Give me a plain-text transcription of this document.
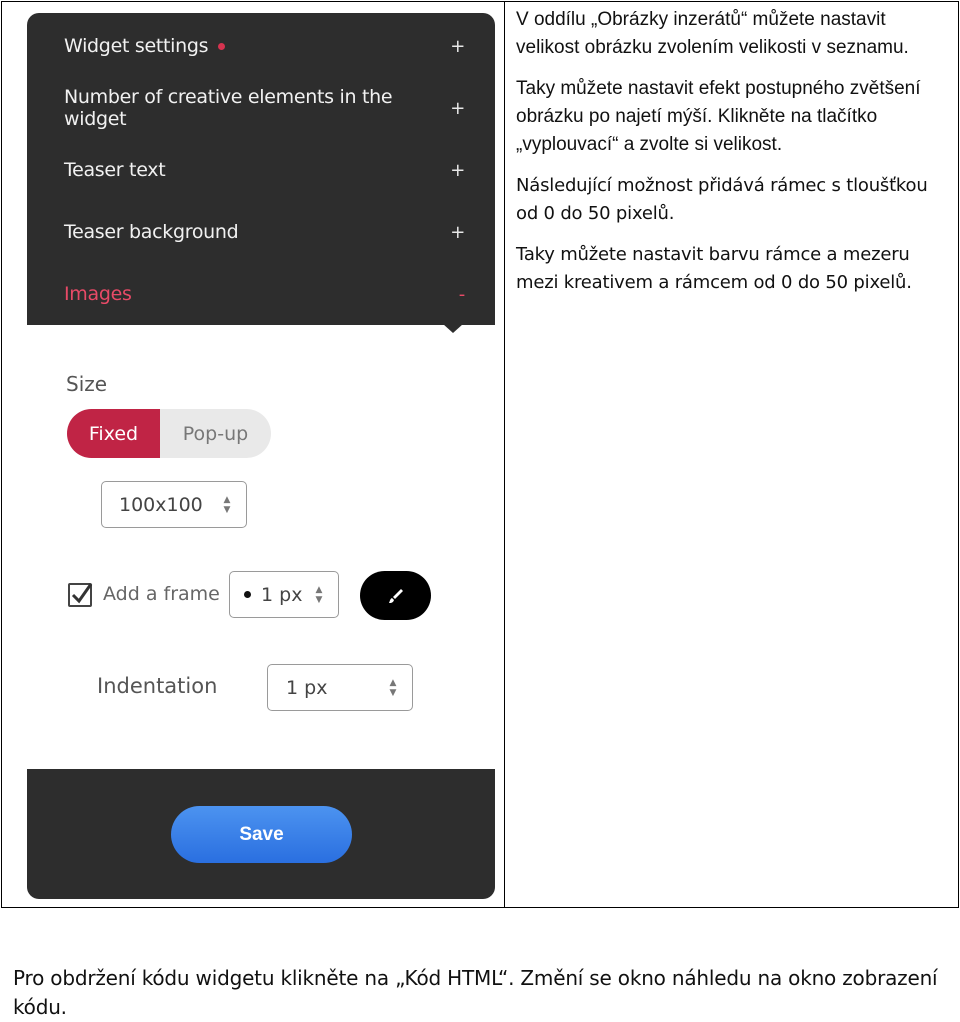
Widget settings	+
Number of creative elements in the widget	+
Teaser text	+
Teaser background	+
Images	-
Size
Fixed	Pop-up
100x100	▲
▼
Add a frame 1 px	▲
▼
Indentation	1 px	▲
▼
Save

V oddílu „Obrázky inzerátů“ můžete nastavit velikost obrázku zvolením velikosti v seznamu.

Taky můžete nastavit efekt postupného zvětšení obrázku po najetí mýší. Klikněte na tlačítko „vyplouvací“ a zvolte si velikost.

Následující možnost přidává rámec s tloušťkou od 0 do 50 pixelů.

Taky můžete nastavit barvu rámce a mezeru mezi kreativem a rámcem od 0 do 50 pixelů.

Pro obdržení kódu widgetu klikněte na „Kód HTML“. Změní se okno náhledu na okno zobrazení kódu.
